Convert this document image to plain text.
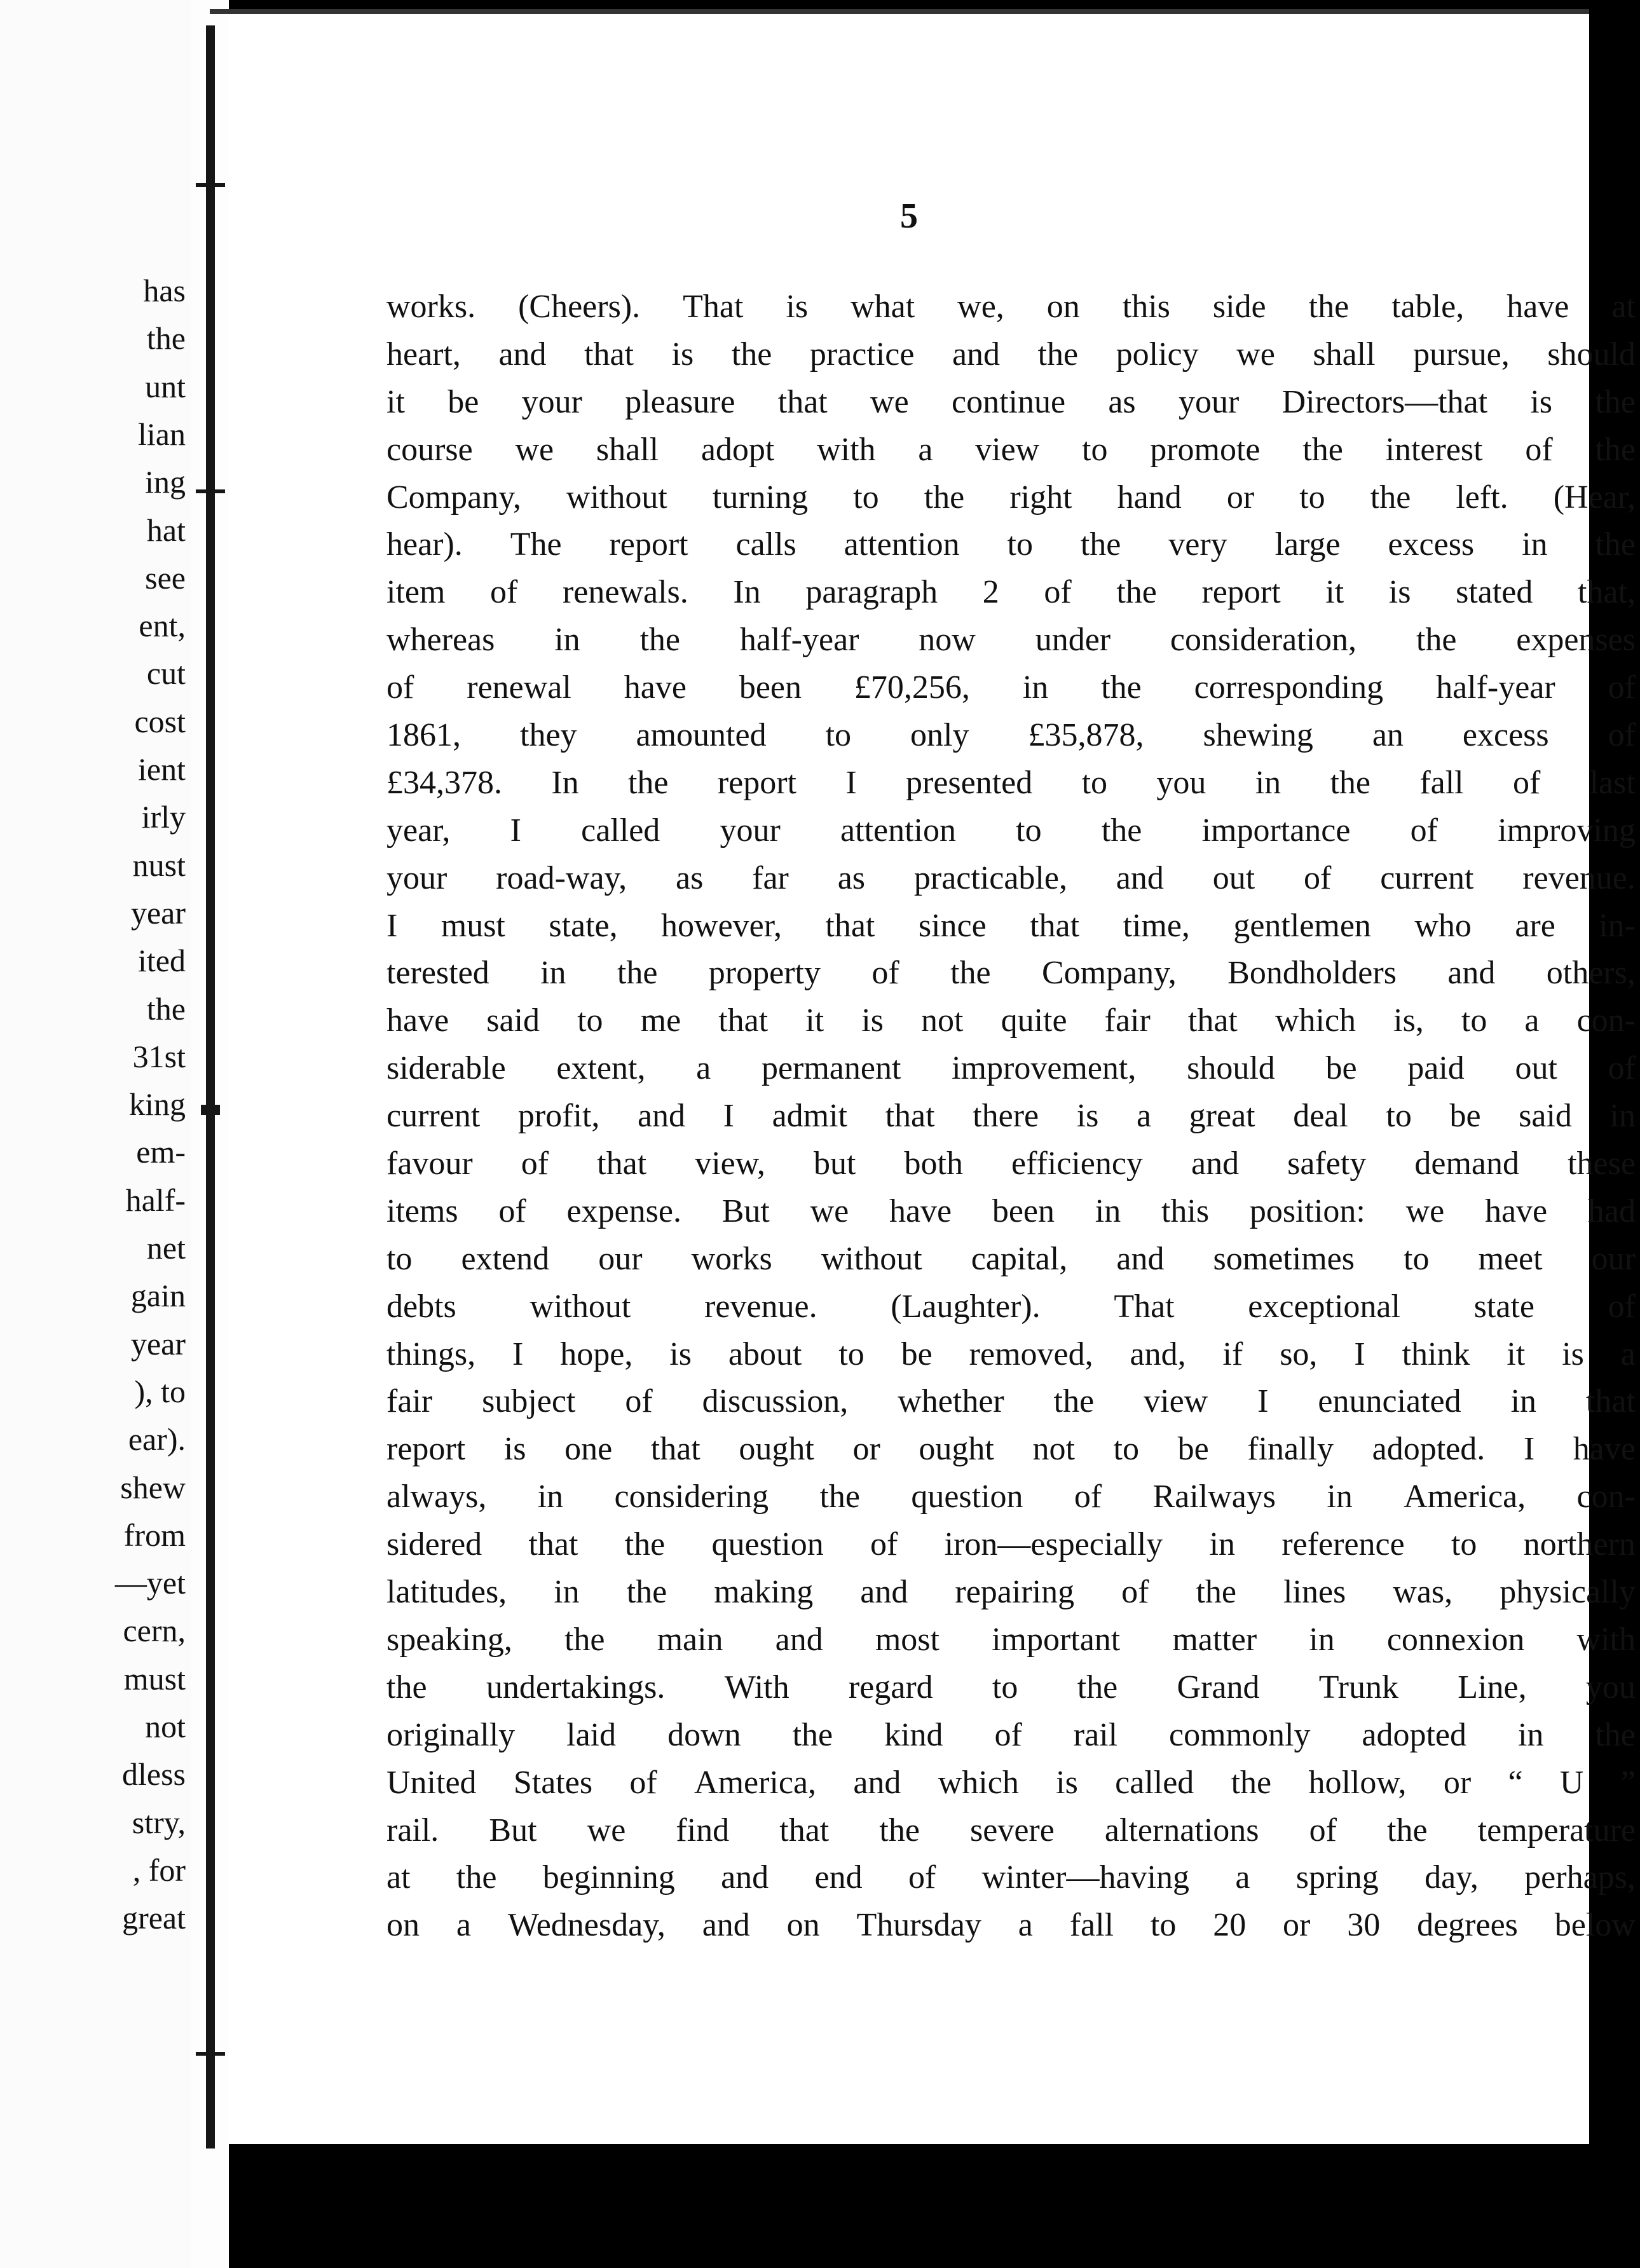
has
the
unt
lian
ing
hat
see
ent,
cut
cost
ient
irly
nust
year
ited
the
31st
king
em-
half-
net
gain
year
), to
ear).
shew
from
—yet
cern,
must
not
dless
stry,
, for
great
5
works. (Cheers). That is what we, on this side the table, have at
heart, and that is the practice and the policy we shall pursue, should
it be your pleasure that we continue as your Directors—that is the
course we shall adopt with a view to promote the interest of the
Company, without turning to the right hand or to the left. (Hear,
hear). The report calls attention to the very large excess in the
item of renewals. In paragraph 2 of the report it is stated that,
whereas in the half-year now under consideration, the expenses
of renewal have been £70,256, in the corresponding half-year of
1861, they amounted to only £35,878, shewing an excess of
£34,378. In the report I presented to you in the fall of last
year, I called your attention to the importance of improving
your road-way, as far as practicable, and out of current revenue.
I must state, however, that since that time, gentlemen who are in-
terested in the property of the Company, Bondholders and others,
have said to me that it is not quite fair that which is, to a con-
siderable extent, a permanent improvement, should be paid out of
current profit, and I admit that there is a great deal to be said in
favour of that view, but both efficiency and safety demand these
items of expense. But we have been in this position: we have had
to extend our works without capital, and sometimes to meet our
debts without revenue. (Laughter). That exceptional state of
things, I hope, is about to be removed, and, if so, I think it is a
fair subject of discussion, whether the view I enunciated in that
report is one that ought or ought not to be finally adopted. I have
always, in considering the question of Railways in America, con-
sidered that the question of iron—especially in reference to northern
latitudes, in the making and repairing of the lines was, physically
speaking, the main and most important matter in connexion with
the undertakings. With regard to the Grand Trunk Line, you
originally laid down the kind of rail commonly adopted in the
United States of America, and which is called the hollow, or “ U ”
rail. But we find that the severe alternations of the temperature
at the beginning and end of winter—having a spring day, perhaps,
on a Wednesday, and on Thursday a fall to 20 or 30 degrees below
